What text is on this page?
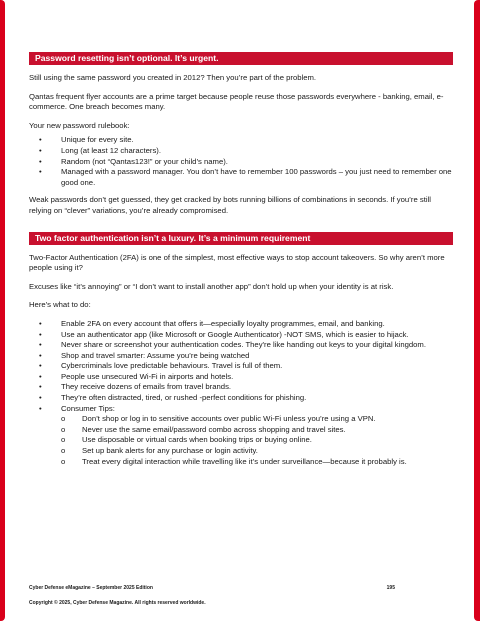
Password resetting isn’t optional. It’s urgent.

Still using the same password you created in 2012? Then you’re part of the problem.

Qantas frequent flyer accounts are a prime target because people reuse those passwords everywhere - banking, email, e-commerce. One breach becomes many.

Your new password rulebook:

•	Unique for every site.
•	Long (at least 12 characters).
•	Random (not “Qantas123!” or your child’s name).
•	Managed with a password manager. You don’t have to remember 100 passwords – you just need to remember one good one.

Weak passwords don’t get guessed, they get cracked by bots running billions of combinations in seconds. If you’re still relying on “clever” variations, you’re already compromised.

Two factor authentication isn’t a luxury. It’s a minimum requirement

Two-Factor Authentication (2FA) is one of the simplest, most effective ways to stop account takeovers. So why aren’t more people using it?

Excuses like “it’s annoying” or “I don’t want to install another app” don’t hold up when your identity is at risk.

Here's what to do:

•	Enable 2FA on every account that offers it—especially loyalty programmes, email, and banking.
•	Use an authenticator app (like Microsoft or Google Authenticator) -NOT SMS, which is easier to hijack.
•	Never share or screenshot your authentication codes. They're like handing out keys to your digital kingdom.
•	Shop and travel smarter: Assume you’re being watched
•	Cybercriminals love predictable behaviours. Travel is full of them.
•	People use unsecured Wi-Fi in airports and hotels.
•	They receive dozens of emails from travel brands.
•	They’re often distracted, tired, or rushed -perfect conditions for phishing.
•	Consumer Tips:
o Don’t shop or log in to sensitive accounts over public Wi-Fi unless you’re using a VPN.
o Never use the same email/password combo across shopping and travel sites.
o Use disposable or virtual cards when booking trips or buying online.
o Set up bank alerts for any purchase or login activity.
o Treat every digital interaction while travelling like it’s under surveillance—because it probably is.
Cyber Defense eMagazine – September 2025 Edition	195
Copyright © 2025, Cyber Defense Magazine. All rights reserved worldwide.
